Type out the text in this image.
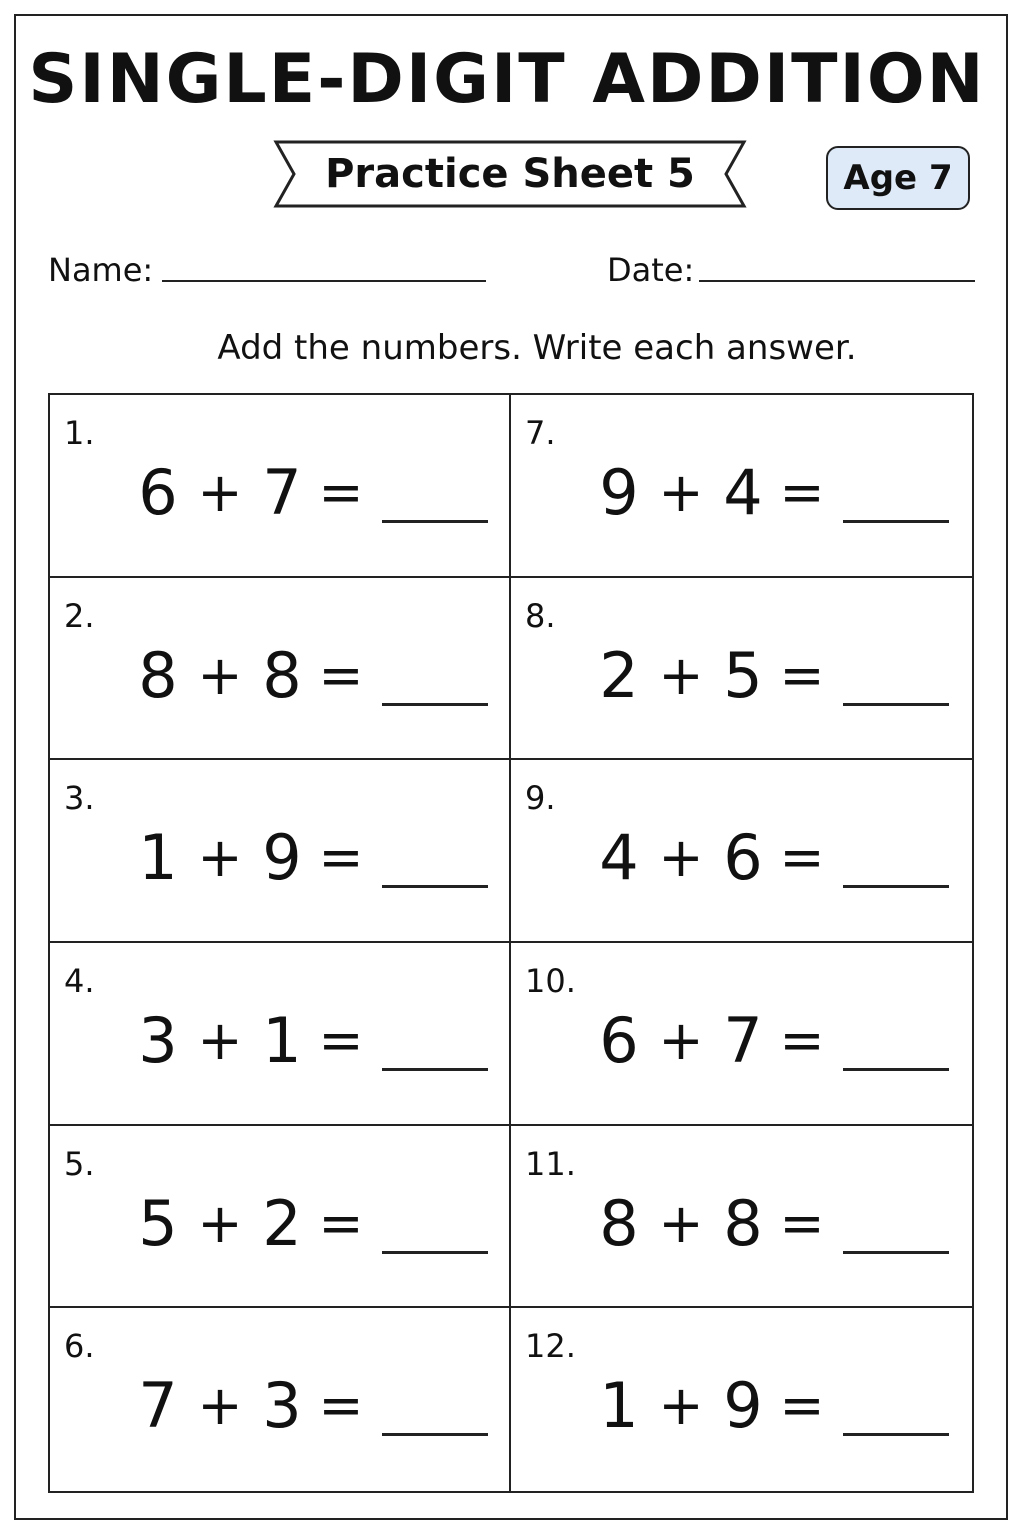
SINGLE-DIGIT ADDITION
Practice Sheet 5	Age 7
Name:	Date:
Add the numbers. Write each answer.
1.
6 + 7 =
2.
8 + 8 =
3.
1 + 9 =
4.
3 + 1 =
5.
5 + 2 =
6.
7 + 3 =
7.
9 + 4 =
8.
2 + 5 =
9.
4 + 6 =
10.
6 + 7 =
11.
8 + 8 =
12.
1 + 9 =
